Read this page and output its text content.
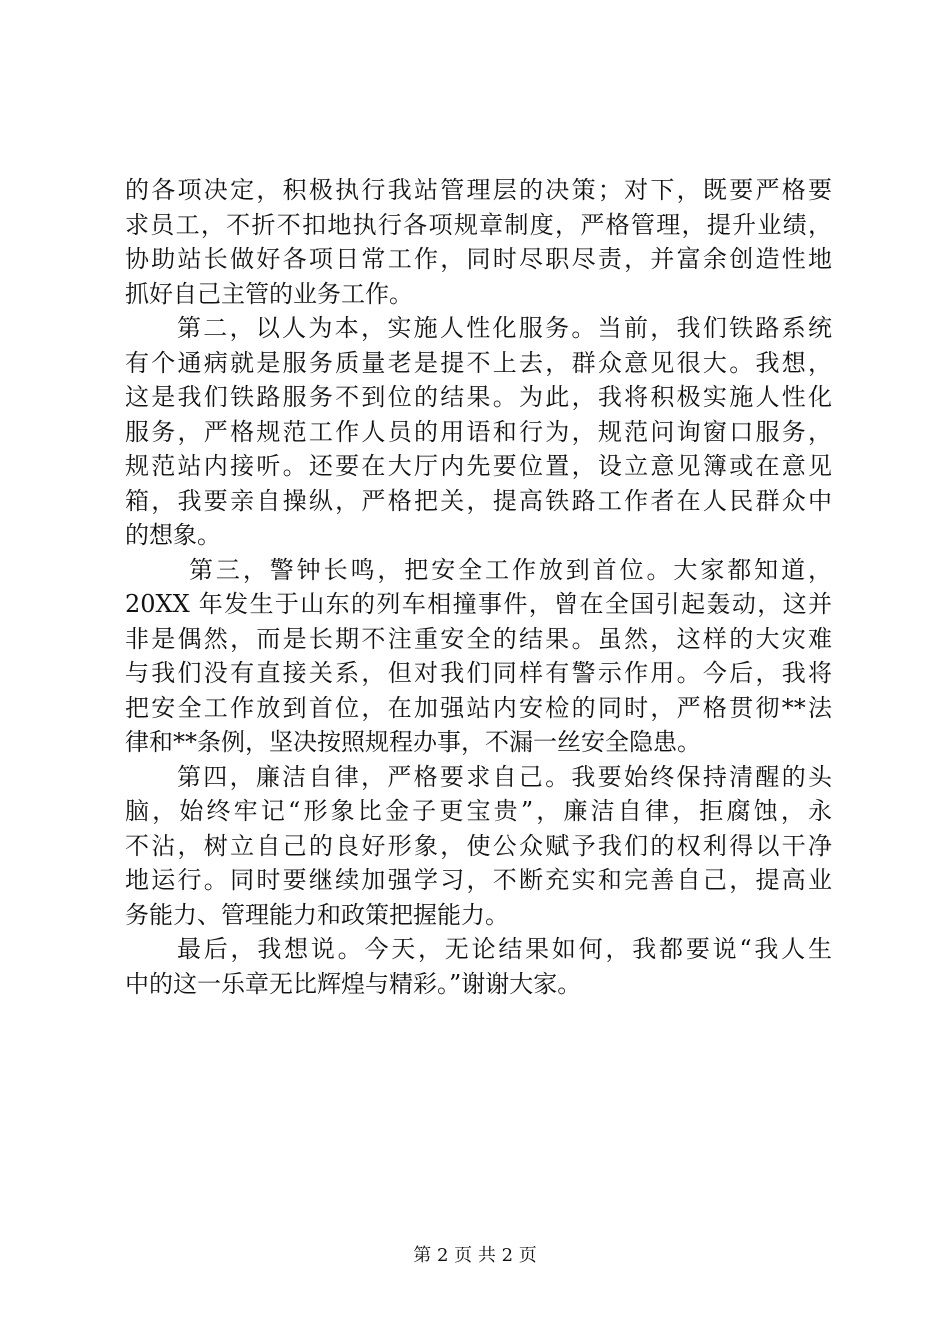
的各项决定，积极执行我站管理层的决策；对下，既要严格要
求员工，不折不扣地执行各项规章制度，严格管理，提升业绩，
协助站长做好各项日常工作，同时尽职尽责，并富余创造性地
抓好自己主管的业务工作。
第二，以人为本，实施人性化服务。当前，我们铁路系统
有个通病就是服务质量老是提不上去，群众意见很大。我想，
这是我们铁路服务不到位的结果。为此，我将积极实施人性化
服务，严格规范工作人员的用语和行为，规范问询窗口服务，
规范站内接听。还要在大厅内先要位置，设立意见簿或在意见
箱，我要亲自操纵，严格把关，提高铁路工作者在人民群众中
的想象。
第三，警钟长鸣，把安全工作放到首位。大家都知道，
20XX 年发生于山东的列车相撞事件，曾在全国引起轰动，这并
非是偶然，而是长期不注重安全的结果。虽然，这样的大灾难
与我们没有直接关系，但对我们同样有警示作用。今后，我将
把安全工作放到首位，在加强站内安检的同时，严格贯彻**法
律和**条例，坚决按照规程办事，不漏一丝安全隐患。
第四，廉洁自律，严格要求自己。我要始终保持清醒的头
脑，始终牢记“形象比金子更宝贵”，廉洁自律，拒腐蚀，永
不沾，树立自己的良好形象，使公众赋予我们的权利得以干净
地运行。同时要继续加强学习，不断充实和完善自己，提高业
务能力、管理能力和政策把握能力。
最后，我想说。今天，无论结果如何，我都要说“我人生
中的这一乐章无比辉煌与精彩。”谢谢大家。
第 2 页 共 2 页
